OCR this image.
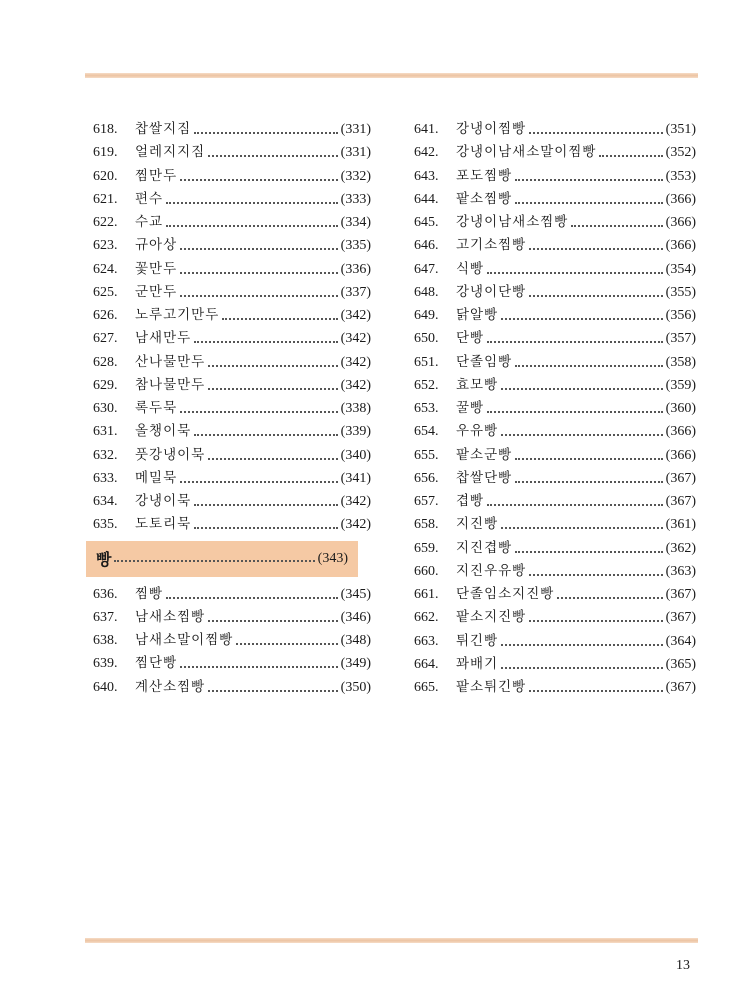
618.	찹쌀지짐	(331)
619.	얼레지지짐	(331)
620.	찜만두	(332)
621.	편수	(333)
622.	수교	(334)
623.	규아상	(335)
624.	꽃만두	(336)
625.	군만두	(337)
626.	노루고기만두	(342)
627.	남새만두	(342)
628.	산나물만두	(342)
629.	참나물만두	(342)
630.	록두묵	(338)
631.	올챙이묵	(339)
632.	풋강냉이묵	(340)
633.	메밀묵	(341)
634.	강냉이묵	(342)
635.	도토리묵	(342)
빵	(343)
636.	찜빵	(345)
637.	남새소찜빵	(346)
638.	남새소말이찜빵	(348)
639.	찜단빵	(349)
640.	계산소찜빵	(350)
641.	강냉이찜빵	(351)
642.	강냉이남새소말이찜빵	(352)
643.	포도찜빵	(353)
644.	팥소찜빵	(366)
645.	강냉이남새소찜빵	(366)
646.	고기소찜빵	(366)
647.	식빵	(354)
648.	강냉이단빵	(355)
649.	닭알빵	(356)
650.	단빵	(357)
651.	단졸임빵	(358)
652.	효모빵	(359)
653.	꿀빵	(360)
654.	우유빵	(366)
655.	팥소군빵	(366)
656.	찹쌀단빵	(367)
657.	겹빵	(367)
658.	지진빵	(361)
659.	지진겹빵	(362)
660.	지진우유빵	(363)
661.	단졸임소지진빵	(367)
662.	팥소지진빵	(367)
663.	튀긴빵	(364)
664.	꽈배기	(365)
665.	팥소튀긴빵	(367)
13
